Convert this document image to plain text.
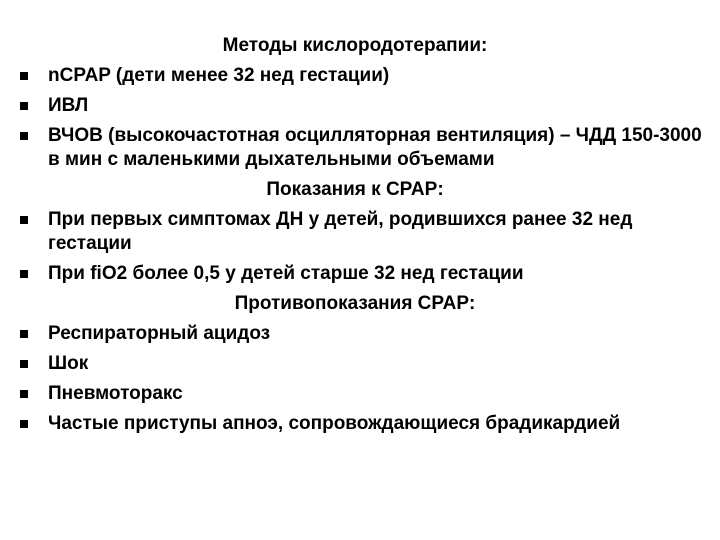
Методы кислородотерапии:
nCPAP (дети менее 32 нед гестации)
ИВЛ
ВЧОВ (высокочастотная осцилляторная вентиляция) – ЧДД 150-3000 в мин с маленькими дыхательными объемами
Показания к CPAP:
При первых симптомах ДН у детей, родившихся ранее 32 нед гестации
При fiO2 более 0,5 у детей старше 32 нед гестации
Противопоказания CPAP:
Респираторный ацидоз
Шок
Пневмоторакс
Частые приступы апноэ, сопровождающиеся брадикардией
